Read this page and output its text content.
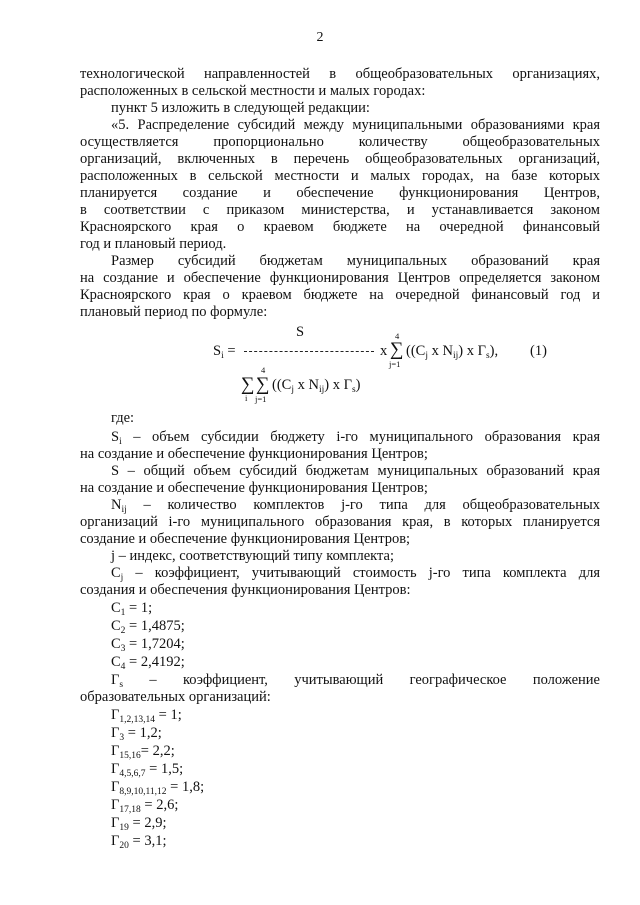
2
технологической направленностей в общеобразовательных организациях,
расположенных в сельской местности и малых городах:
пункт 5 изложить в следующей редакции:
«5. Распределение субсидий между муниципальными образованиями края
осуществляется пропорционально количеству общеобразовательных
организаций, включенных в перечень общеобразовательных организаций,
расположенных в сельской местности и малых городах, на базе которых
планируется создание и обеспечение функционирования Центров,
в соответствии с приказом министерства, и устанавливается законом
Красноярского края о краевом бюджете на очередной финансовый
год и плановый период.
Размер субсидий бюджетам муниципальных образований края
на создание и обеспечение функционирования Центров определяется законом
Красноярского края о краевом бюджете на очередной финансовый год и
плановый период по формуле:
S
$S_i$ =	x
4
∑
j=1
(($C_j$ x $N_{ij}$) x $Г_s$), (1)
∑
i
4
∑
j=1
(($C_j$ x $N_{ij}$) x $Г_s$)
где:
$S_i$ – объем субсидии бюджету i-го муниципального образования края
на создание и обеспечение функционирования Центров;
S – общий объем субсидий бюджетам муниципальных образований края
на создание и обеспечение функционирования Центров;
$N_{ij}$ – количество комплектов j-го типа для общеобразовательных
организаций i-го муниципального образования края, в которых планируется
создание и обеспечение функционирования Центров;
j – индекс, соответствующий типу комплекта;
$C_j$ – коэффициент, учитывающий стоимость j-го типа комплекта для
создания и обеспечения функционирования Центров:
$C_1 = 1$;
$C_2 = 1,4875$;
$C_3 = 1,7204$;
$C_4 = 2,4192$;
$Г_s$ – коэффициент, учитывающий географическое положение
образовательных организаций:
$Г_{1,2,13,14} = 1$;
$Г_3 = 1,2$;
$Г_{15,16}= 2,2$;
$Г_{4,5,6,7} = 1,5$;
$Г_{8,9,10,11,12} = 1,8$;
$Г_{17,18} = 2,6$;
$Г_{19} = 2,9$;
$Г_{20} = 3,1$;
